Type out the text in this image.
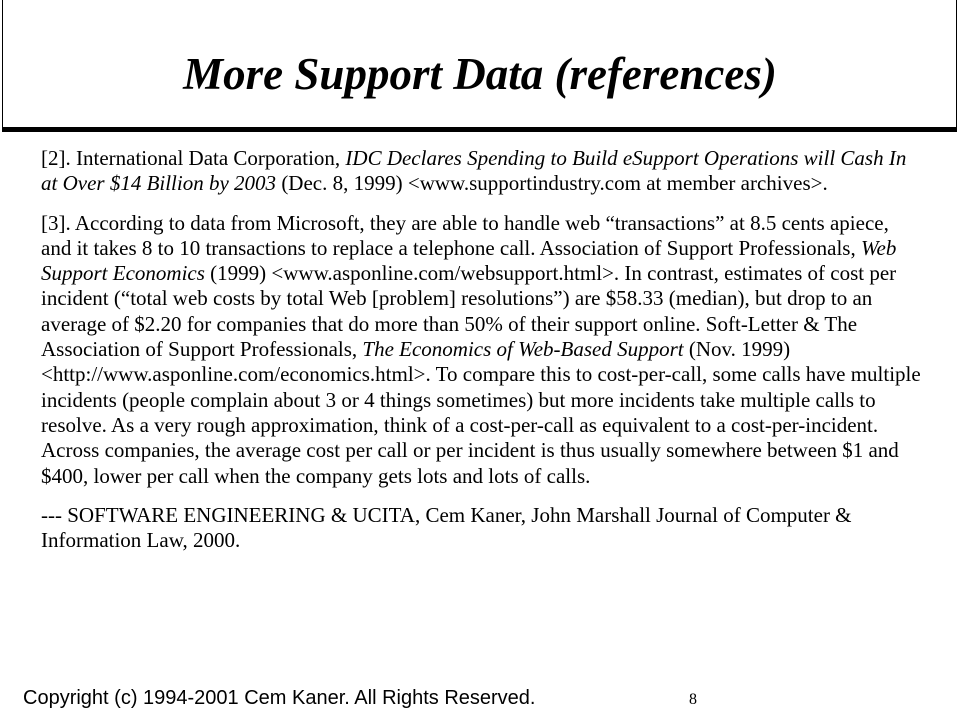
More Support Data (references)

[2]. International Data Corporation, IDC Declares Spending to Build eSupport Operations will Cash In at Over $14 Billion by 2003 (Dec. 8, 1999) <www.supportindustry.com at member archives>.

[3]. According to data from Microsoft, they are able to handle web “transactions” at 8.5 cents apiece, and it takes 8 to 10 transactions to replace a telephone call. Association of Support Professionals, Web Support Economics (1999) <www.asponline.com/websupport.html>. In contrast, estimates of cost per incident (“total web costs by total Web [problem] resolutions”) are $58.33 (median), but drop to an average of $2.20 for companies that do more than 50% of their support online. Soft-Letter & The Association of Support Professionals, The Economics of Web-Based Support (Nov. 1999) <http://www.asponline.com/economics.html>. To compare this to cost-per-call, some calls have multiple incidents (people complain about 3 or 4 things sometimes) but more incidents take multiple calls to resolve. As a very rough approximation, think of a cost-per-call as equivalent to a cost-per-incident. Across companies, the average cost per call or per incident is thus usually somewhere between $1 and $400, lower per call when the company gets lots and lots of calls.

--- SOFTWARE ENGINEERING & UCITA, Cem Kaner, John Marshall Journal of Computer & Information Law, 2000.

Copyright (c) 1994-2001 Cem Kaner. All Rights Reserved.	8
